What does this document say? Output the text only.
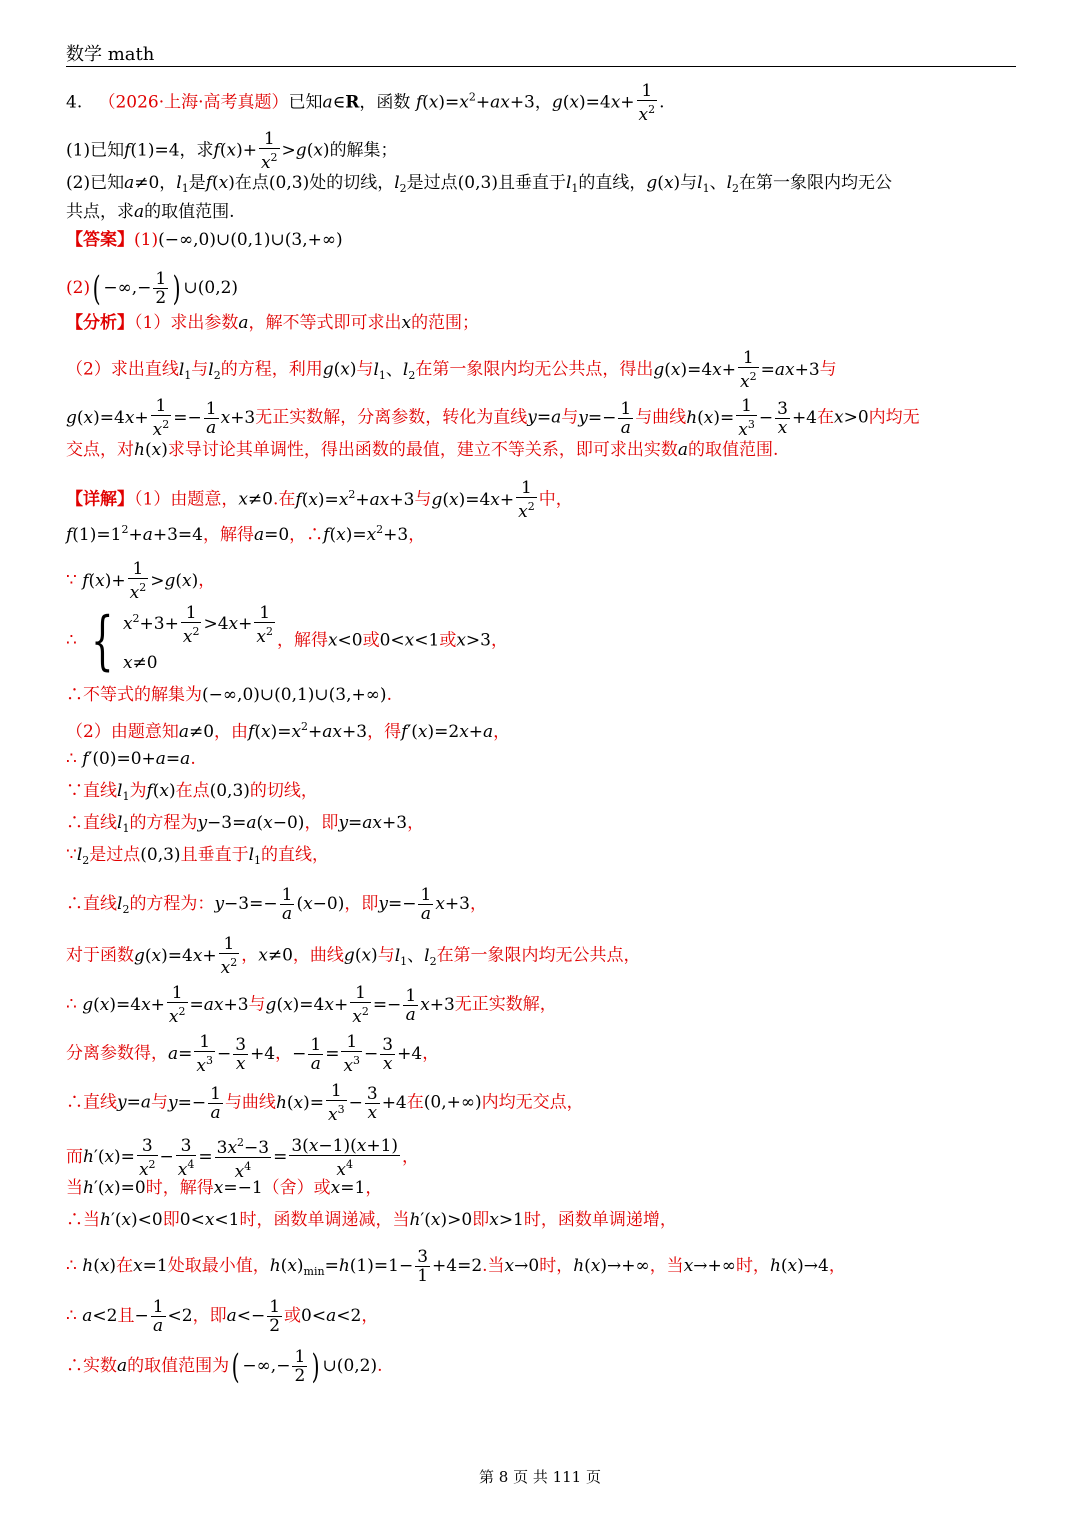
数学 math
4. （2026·上海·高考真题）已知a∈R，函数 $f(x)=x^2+ax+3$，$g(x)=4x+ \frac{1}{x^2}$ .
(1)已知f(1)=4，求$f(x)+ \frac{1}{x^2} >g(x)$的解集；
(2)已知a≠0，$l_1$是f(x)在点(0,3)处的切线，$l_2$是过点(0,3)且垂直于$l_1$的直线，g(x)与$l_1$、$l_2$在第一象限内均无公
共点，求a的取值范围.
【答案】(1)(−∞,0)∪(0,1)∪(3,+∞)
(2)( −∞,− $\frac{1}{2}$ ) ∪(0,2)
【分析】（1）求出参数a，解不等式即可求出x的范围；
（2）求出直线$l_1$与$l_2$的方程，利用g(x)与$l_1$、$l_2$在第一象限内均无公共点，得出$g(x)=4x+ \frac{1}{x^2} =ax+3$与
$g(x)=4x+ \frac{1}{x^2} =- \frac{1}{a} x+3$无正实数解，分离参数，转化为直线y=a与$y=- \frac{1}{a}$ 与曲线$h(x)= \frac{1}{x^3} - \frac{3}{x} +4$在x>0内均无
交点，对h(x)求导讨论其单调性，得出函数的最值，建立不等关系，即可求出实数a的取值范围.
【详解】（1）由题意，x≠0.在$f(x)=x^2+ax+3$与$g(x)=4x+ \frac{1}{x^2}$ 中，
$f(1)=1^2+a+3=4$，解得a=0，$\therefore f(x)=x^2+3$，
∵ $f(x)+ \frac{1}{x^2} >g(x)$，
∴ { $x^2+3+ \frac{1}{x^2} >4x+ \frac{1}{x^2}$
x≠0
，解得x<0或0<x<1或x>3，
∴不等式的解集为(−∞,0)∪(0,1)∪(3,+∞).
（2）由题意知a≠0，由$f(x)=x^2+ax+3$，得f′(x)=2x+a，
∴ f′(0)=0+a=a.
∵直线$l_1$为f(x)在点(0,3)的切线，
∴直线$l_1$的方程为y−3=a(x−0)，即y=ax+3，
$\because l_2$是过点(0,3)且垂直于$l_1$的直线，
∴直线$l_2$的方程为：$y-3=- \frac{1}{a} (x-0)$，即$y=- \frac{1}{a} x+3$，
对于函数$g(x)=4x+ \frac{1}{x^2}$ ，x≠0，曲线g(x)与$l_1$、$l_2$在第一象限内均无公共点，
∴ $g(x)=4x+ \frac{1}{x^2} =ax+3$与$g(x)=4x+ \frac{1}{x^2} =- \frac{1}{a} x+3$无正实数解，
分离参数得，$a= \frac{1}{x^3} - \frac{3}{x} +4$，− $\frac{1}{a} = \frac{1}{x^3} - \frac{3}{x} +4$，
∴直线y=a与$y=- \frac{1}{a}$ 与曲线$h(x)= \frac{1}{x^3} - \frac{3}{x} +4$在(0,+∞)内均无交点，
而$h'(x)= \frac{3}{x^2} - \frac{3}{x^4} = \frac{3x^2-3}{x^4} = \frac{3(x-1)(x+1)}{x^4}$ ，
当h′(x)=0时，解得x=−1（舍）或x=1，
∴当h′(x)<0即0<x<1时，函数单调递减，当h′(x)>0即x>1时，函数单调递增，
∴ h(x)在x=1处取最小值，$h(x)_{min}=h(1)=1- \frac{3}{1} +4=2$.当x→0时，h(x)→+∞，当x→+∞时，h(x)→4，
∴ a<2且− $\frac{1}{a} <2$，即$a<- \frac{1}{2}$ 或0<a<2，
∴实数a的取值范围为( −∞,− $\frac{1}{2}$ ) ∪(0,2).
第 8 页 共 111 页
